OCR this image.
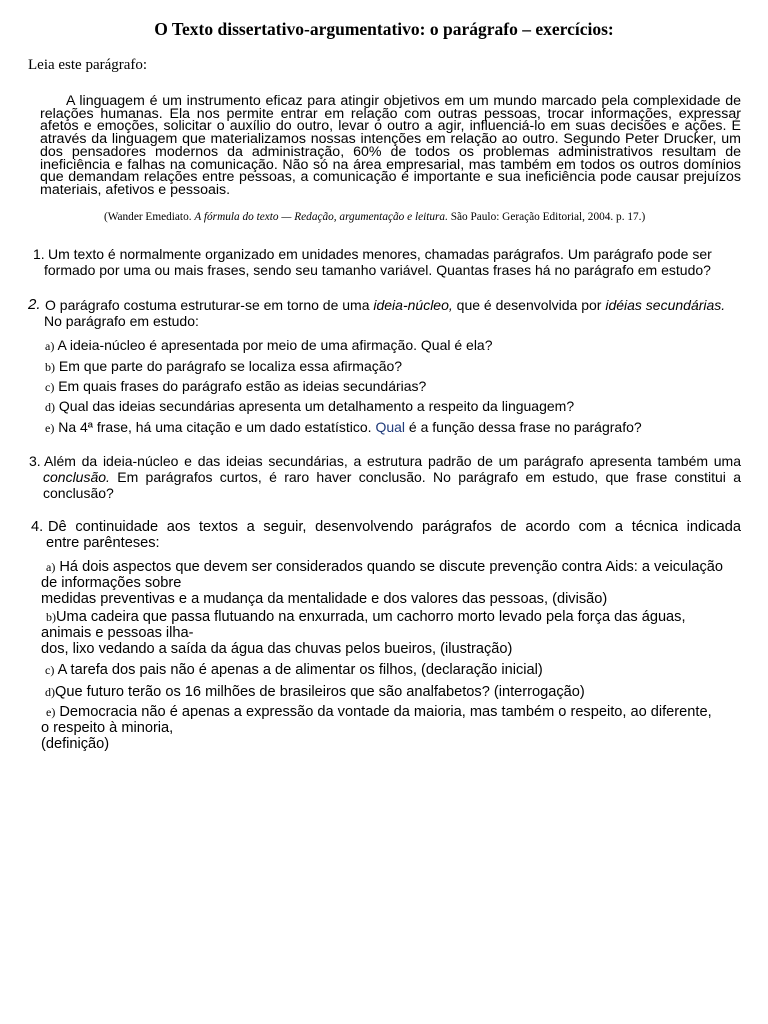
O Texto dissertativo-argumentativo: o parágrafo – exercícios:
Leia este parágrafo:
A linguagem é um instrumento eficaz para atingir objetivos em um mundo marcado pela complexidade de relações humanas. Ela nos permite entrar em relação com outras pessoas, trocar informações, expressar afetos e emoções, solicitar o auxílio do outro, levar o outro a agir, influenciá-lo em suas decisões e ações. É através da linguagem que materializamos nossas intenções em relação ao outro. Segundo Peter Drucker, um dos pensadores modernos da administração, 60% de todos os problemas administrativos resultam de ineficiência e falhas na comunicação. Não só na área empresarial, mas também em todos os outros domínios que demandam relações entre pessoas, a comunicação é importante e sua ineficiência pode causar prejuízos materiais, afetivos e pessoais.
(Wander Emediato. A fórmula do texto — Redação, argumentação e leitura. São Paulo: Geração Editorial, 2004. p. 17.)
1. Um texto é normalmente organizado em unidades menores, chamadas parágrafos. Um parágrafo pode ser
formado por uma ou mais frases, sendo seu tamanho variável. Quantas frases há no parágrafo em estudo?
2. O parágrafo costuma estruturar-se em torno de uma ideia-núcleo, que é desenvolvida por idéias secundárias.
No parágrafo em estudo:
a) A ideia-núcleo é apresentada por meio de uma afirmação. Qual é ela?
b) Em que parte do parágrafo se localiza essa afirmação?
c) Em quais frases do parágrafo estão as ideias secundárias?
d) Qual das ideias secundárias apresenta um detalhamento a respeito da linguagem?
e) Na 4ª frase, há uma citação e um dado estatístico. Qual é a função dessa frase no parágrafo?
3. Além da ideia-núcleo e das ideias secundárias, a estrutura padrão de um parágrafo apresenta também uma
conclusão. Em parágrafos curtos, é raro haver conclusão. No parágrafo em estudo, que frase constitui a
conclusão?
4. Dê continuidade aos textos a seguir, desenvolvendo parágrafos de acordo com a técnica indicada
entre parênteses:
a) Há dois aspectos que devem ser considerados quando se discute prevenção contra Aids: a veiculação
de informações sobre
medidas preventivas e a mudança da mentalidade e dos valores das pessoas, (divisão)
b)Uma cadeira que passa flutuando na enxurrada, um cachorro morto levado pela força das águas,
animais e pessoas ilha-
dos, lixo vedando a saída da água das chuvas pelos bueiros, (ilustração)
c) A tarefa dos pais não é apenas a de alimentar os filhos, (declaração inicial)
d)Que futuro terão os 16 milhões de brasileiros que são analfabetos? (interrogação)
e) Democracia não é apenas a expressão da vontade da maioria, mas também o respeito, ao diferente,
o respeito à minoria,
(definição)
